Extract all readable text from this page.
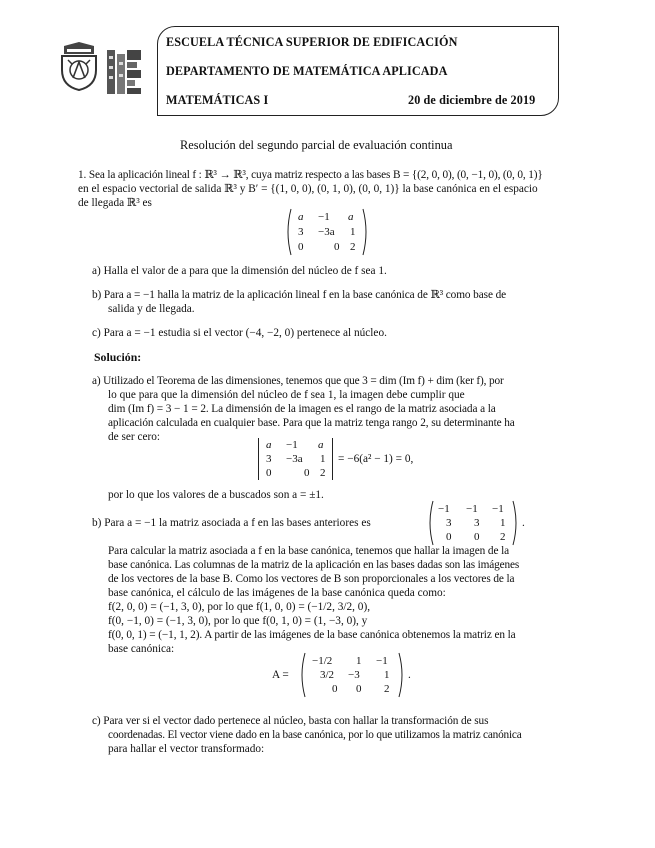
ESCUELA TÉCNICA SUPERIOR DE EDIFICACIÓN
DEPARTAMENTO DE MATEMÁTICA APLICADA
MATEMÁTICAS I	20 de diciembre de 2019
Resolución del segundo parcial de evaluación continua
1. Sea la aplicación lineal f : ℝ³ → ℝ³, cuya matriz respecto a las bases B = {(2, 0, 0), (0, −1, 0), (0, 0, 1)}
en el espacio vectorial de salida ℝ³ y B′ = {(1, 0, 0), (0, 1, 0), (0, 0, 1)} la base canónica en el espacio
de llegada ℝ³ es
a −1 a
3 −3a 1
0	0 2
a) Halla el valor de a para que la dimensión del núcleo de f sea 1.
b) Para a = −1 halla la matriz de la aplicación lineal f en la base canónica de ℝ³ como base de
salida y de llegada.
c) Para a = −1 estudia si el vector (−4, −2, 0) pertenece al núcleo.
Solución:
a) Utilizado el Teorema de las dimensiones, tenemos que que 3 = dim (Im f) + dim (ker f), por
lo que para que la dimensión del núcleo de f sea 1, la imagen debe cumplir que
dim (Im f) = 3 − 1 = 2. La dimensión de la imagen es el rango de la matriz asociada a la
aplicación calculada en cualquier base. Para que la matriz tenga rango 2, su determinante ha
de ser cero:
a −1 a
3 −3a 1
0	0 2
= −6(a² − 1) = 0,
por lo que los valores de a buscados son a = ±1.
b) Para a = −1 la matriz asociada a f en las bases anteriores es
−1 −1 −1
3 3 1
0 0 2
.
Para calcular la matriz asociada a f en la base canónica, tenemos que hallar la imagen de la
base canónica. Las columnas de la matriz de la aplicación en las bases dadas son las imágenes
de los vectores de la base B. Como los vectores de B son proporcionales a los vectores de la
base canónica, el cálculo de las imágenes de la base canónica queda como:
f(2, 0, 0) = (−1, 3, 0), por lo que f(1, 0, 0) = (−1/2, 3/2, 0),
f(0, −1, 0) = (−1, 3, 0), por lo que f(0, 1, 0) = (1, −3, 0), y
f(0, 0, 1) = (−1, 1, 2). A partir de las imágenes de la base canónica obtenemos la matriz en la
base canónica:
A =
−1/2 1 −1
3/2 −3 1
0 0 2
.
c) Para ver si el vector dado pertenece al núcleo, basta con hallar la transformación de sus
coordenadas. El vector viene dado en la base canónica, por lo que utilizamos la matriz canónica
para hallar el vector transformado:
